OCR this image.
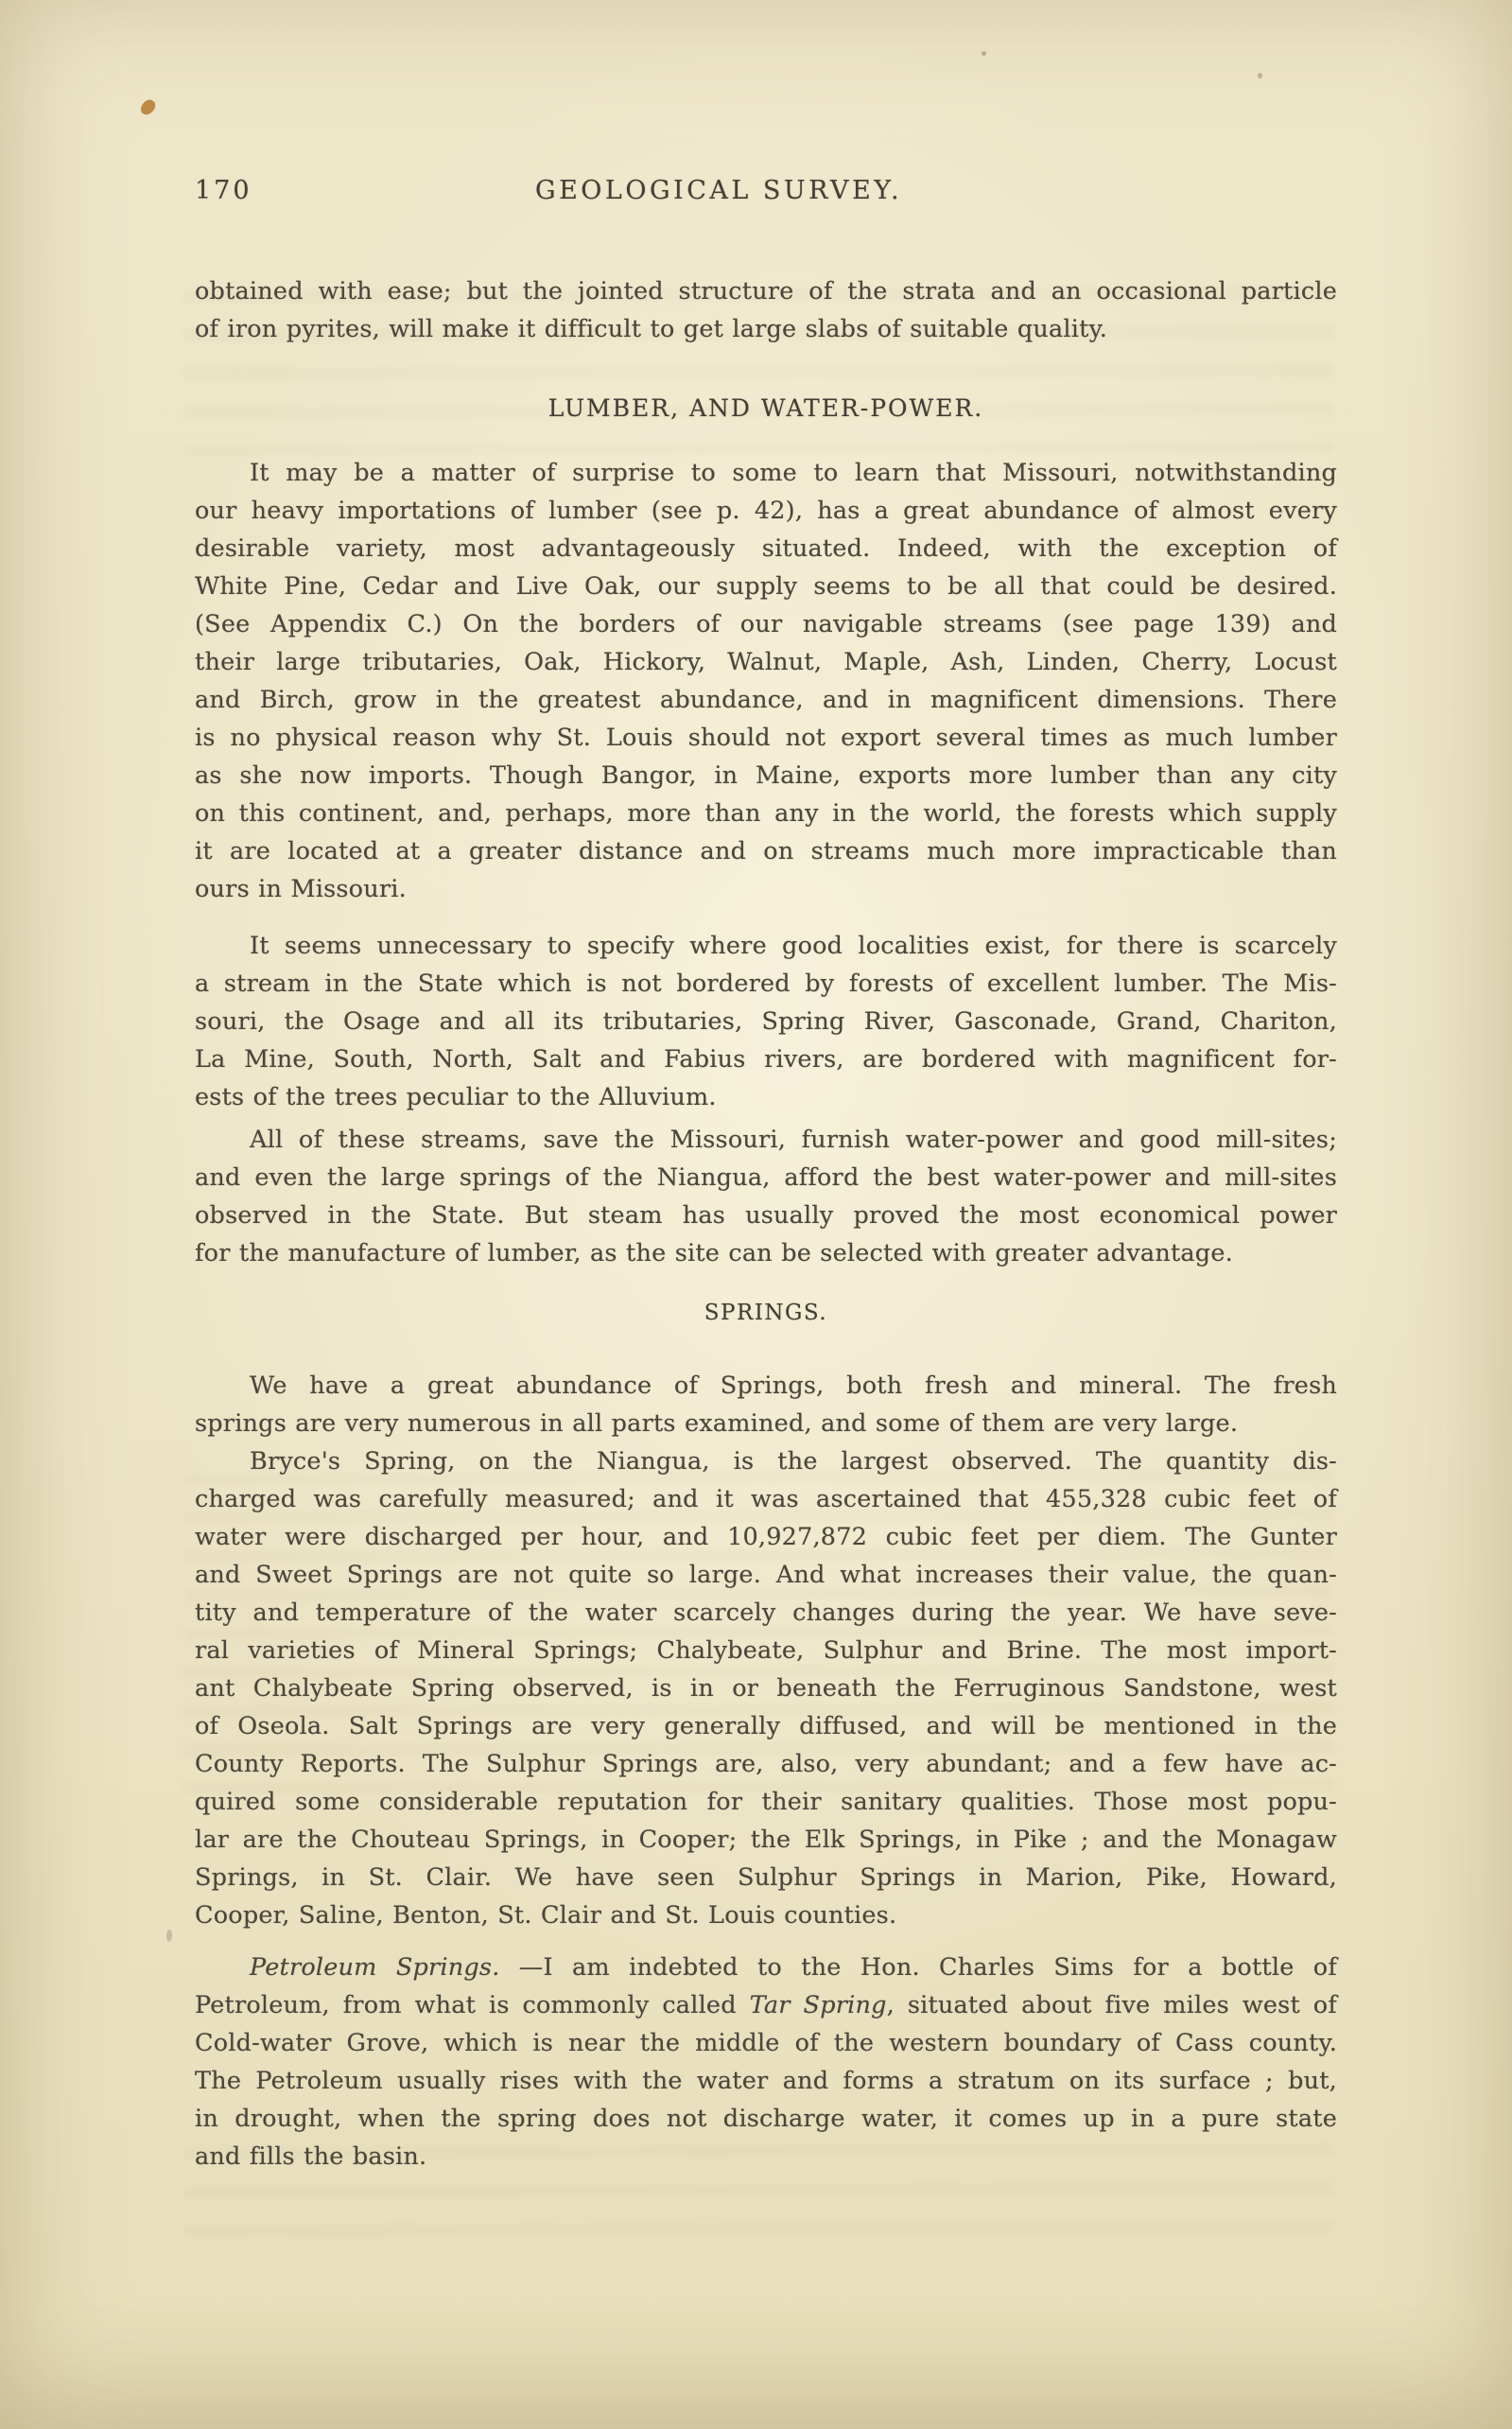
170	GEOLOGICAL SURVEY.
obtained with ease; but the jointed structure of the strata and an occasional particle
of iron pyrites, will make it difficult to get large slabs of suitable quality.
LUMBER, AND WATER-POWER.
It may be a matter of surprise to some to learn that Missouri, notwithstanding
our heavy importations of lumber (see p. 42), has a great abundance of almost every
desirable variety, most advantageously situated. Indeed, with the exception of
White Pine, Cedar and Live Oak, our supply seems to be all that could be desired.
(See Appendix C.) On the borders of our navigable streams (see page 139) and
their large tributaries, Oak, Hickory, Walnut, Maple, Ash, Linden, Cherry, Locust
and Birch, grow in the greatest abundance, and in magnificent dimensions. There
is no physical reason why St. Louis should not export several times as much lumber
as she now imports. Though Bangor, in Maine, exports more lumber than any city
on this continent, and, perhaps, more than any in the world, the forests which supply
it are located at a greater distance and on streams much more impracticable than
ours in Missouri.
It seems unnecessary to specify where good localities exist, for there is scarcely
a stream in the State which is not bordered by forests of excellent lumber. The Mis-
souri, the Osage and all its tributaries, Spring River, Gasconade, Grand, Chariton,
La Mine, South, North, Salt and Fabius rivers, are bordered with magnificent for-
ests of the trees peculiar to the Alluvium.
All of these streams, save the Missouri, furnish water-power and good mill-sites;
and even the large springs of the Niangua, afford the best water-power and mill-sites
observed in the State. But steam has usually proved the most economical power
for the manufacture of lumber, as the site can be selected with greater advantage.
SPRINGS.
We have a great abundance of Springs, both fresh and mineral. The fresh
springs are very numerous in all parts examined, and some of them are very large.
Bryce's Spring, on the Niangua, is the largest observed. The quantity dis-
charged was carefully measured; and it was ascertained that 455,328 cubic feet of
water were discharged per hour, and 10,927,872 cubic feet per diem. The Gunter
and Sweet Springs are not quite so large. And what increases their value, the quan-
tity and temperature of the water scarcely changes during the year. We have seve-
ral varieties of Mineral Springs; Chalybeate, Sulphur and Brine. The most import-
ant Chalybeate Spring observed, is in or beneath the Ferruginous Sandstone, west
of Oseola. Salt Springs are very generally diffused, and will be mentioned in the
County Reports. The Sulphur Springs are, also, very abundant; and a few have ac-
quired some considerable reputation for their sanitary qualities. Those most popu-
lar are the Chouteau Springs, in Cooper; the Elk Springs, in Pike ; and the Monagaw
Springs, in St. Clair. We have seen Sulphur Springs in Marion, Pike, Howard,
Cooper, Saline, Benton, St. Clair and St. Louis counties.
Petroleum Springs. —I am indebted to the Hon. Charles Sims for a bottle of
Petroleum, from what is commonly called Tar Spring, situated about five miles west of
Cold-water Grove, which is near the middle of the western boundary of Cass county.
The Petroleum usually rises with the water and forms a stratum on its surface ; but,
in drought, when the spring does not discharge water, it comes up in a pure state
and fills the basin.
